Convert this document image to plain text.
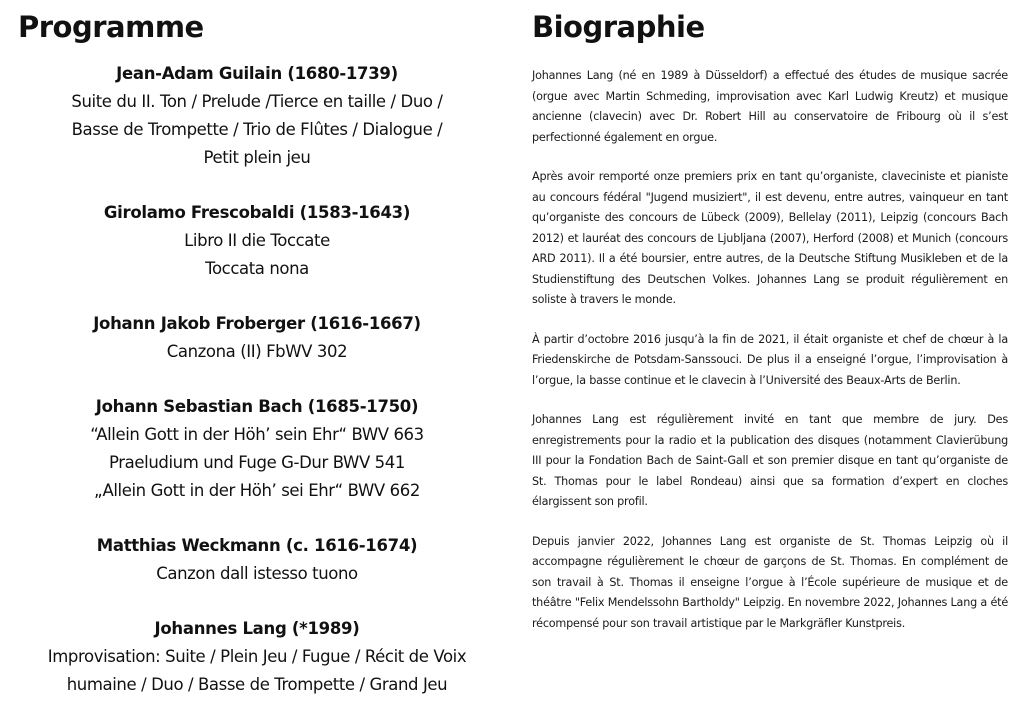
Programme
Jean-Adam Guilain (1680-1739)
Suite du II. Ton / Prelude /Tierce en taille / Duo /
Basse de Trompette / Trio de Flûtes / Dialogue /
Petit plein jeu
Girolamo Frescobaldi (1583-1643)
Libro II die Toccate
Toccata nona
Johann Jakob Froberger (1616-1667)
Canzona (II) FbWV 302
Johann Sebastian Bach (1685-1750)
“Allein Gott in der Höh’ sein Ehr“ BWV 663
Praeludium und Fuge G-Dur BWV 541
„Allein Gott in der Höh’ sei Ehr“ BWV 662
Matthias Weckmann (c. 1616-1674)
Canzon dall istesso tuono
Johannes Lang (*1989)
Improvisation: Suite / Plein Jeu / Fugue / Récit de Voix
humaine / Duo / Basse de Trompette / Grand Jeu
Biographie

Johannes Lang (né en 1989 à Düsseldorf) a effectué des études de musique sacrée (orgue avec Martin Schmeding, improvisation avec Karl Ludwig Kreutz) et musique ancienne (clavecin) avec Dr. Robert Hill au conservatoire de Fribourg où il s’est perfectionné également en orgue.

Après avoir remporté onze premiers prix en tant qu’organiste, claveciniste et pianiste au concours fédéral "Jugend musiziert", il est devenu, entre autres, vainqueur en tant qu’organiste des concours de Lübeck (2009), Bellelay (2011), Leipzig (concours Bach 2012) et lauréat des concours de Ljubljana (2007), Herford (2008) et Munich (concours ARD 2011). Il a été boursier, entre autres, de la Deutsche Stiftung Musikleben et de la Studienstiftung des Deutschen Volkes. Johannes Lang se produit régulièrement en soliste à travers le monde.

À partir d’octobre 2016 jusqu’à la fin de 2021, il était organiste et chef de chœur à la Friedenskirche de Potsdam-Sanssouci. De plus il a enseigné l’orgue, l’improvisation à l’orgue, la basse continue et le clavecin à l’Université des Beaux-Arts de Berlin.

Johannes Lang est régulièrement invité en tant que membre de jury. Des enregistrements pour la radio et la publication des disques (notamment Clavierübung III pour la Fondation Bach de Saint-Gall et son premier disque en tant qu’organiste de St. Thomas pour le label Rondeau) ainsi que sa formation d’expert en cloches élargissent son profil.

Depuis janvier 2022, Johannes Lang est organiste de St. Thomas Leipzig où il accompagne régulièrement le chœur de garçons de St. Thomas. En complément de son travail à St. Thomas il enseigne l’orgue à l’École supérieure de musique et de théâtre "Felix Mendelssohn Bartholdy" Leipzig. En novembre 2022, Johannes Lang a été récompensé pour son travail artistique par le Markgräfler Kunstpreis.
